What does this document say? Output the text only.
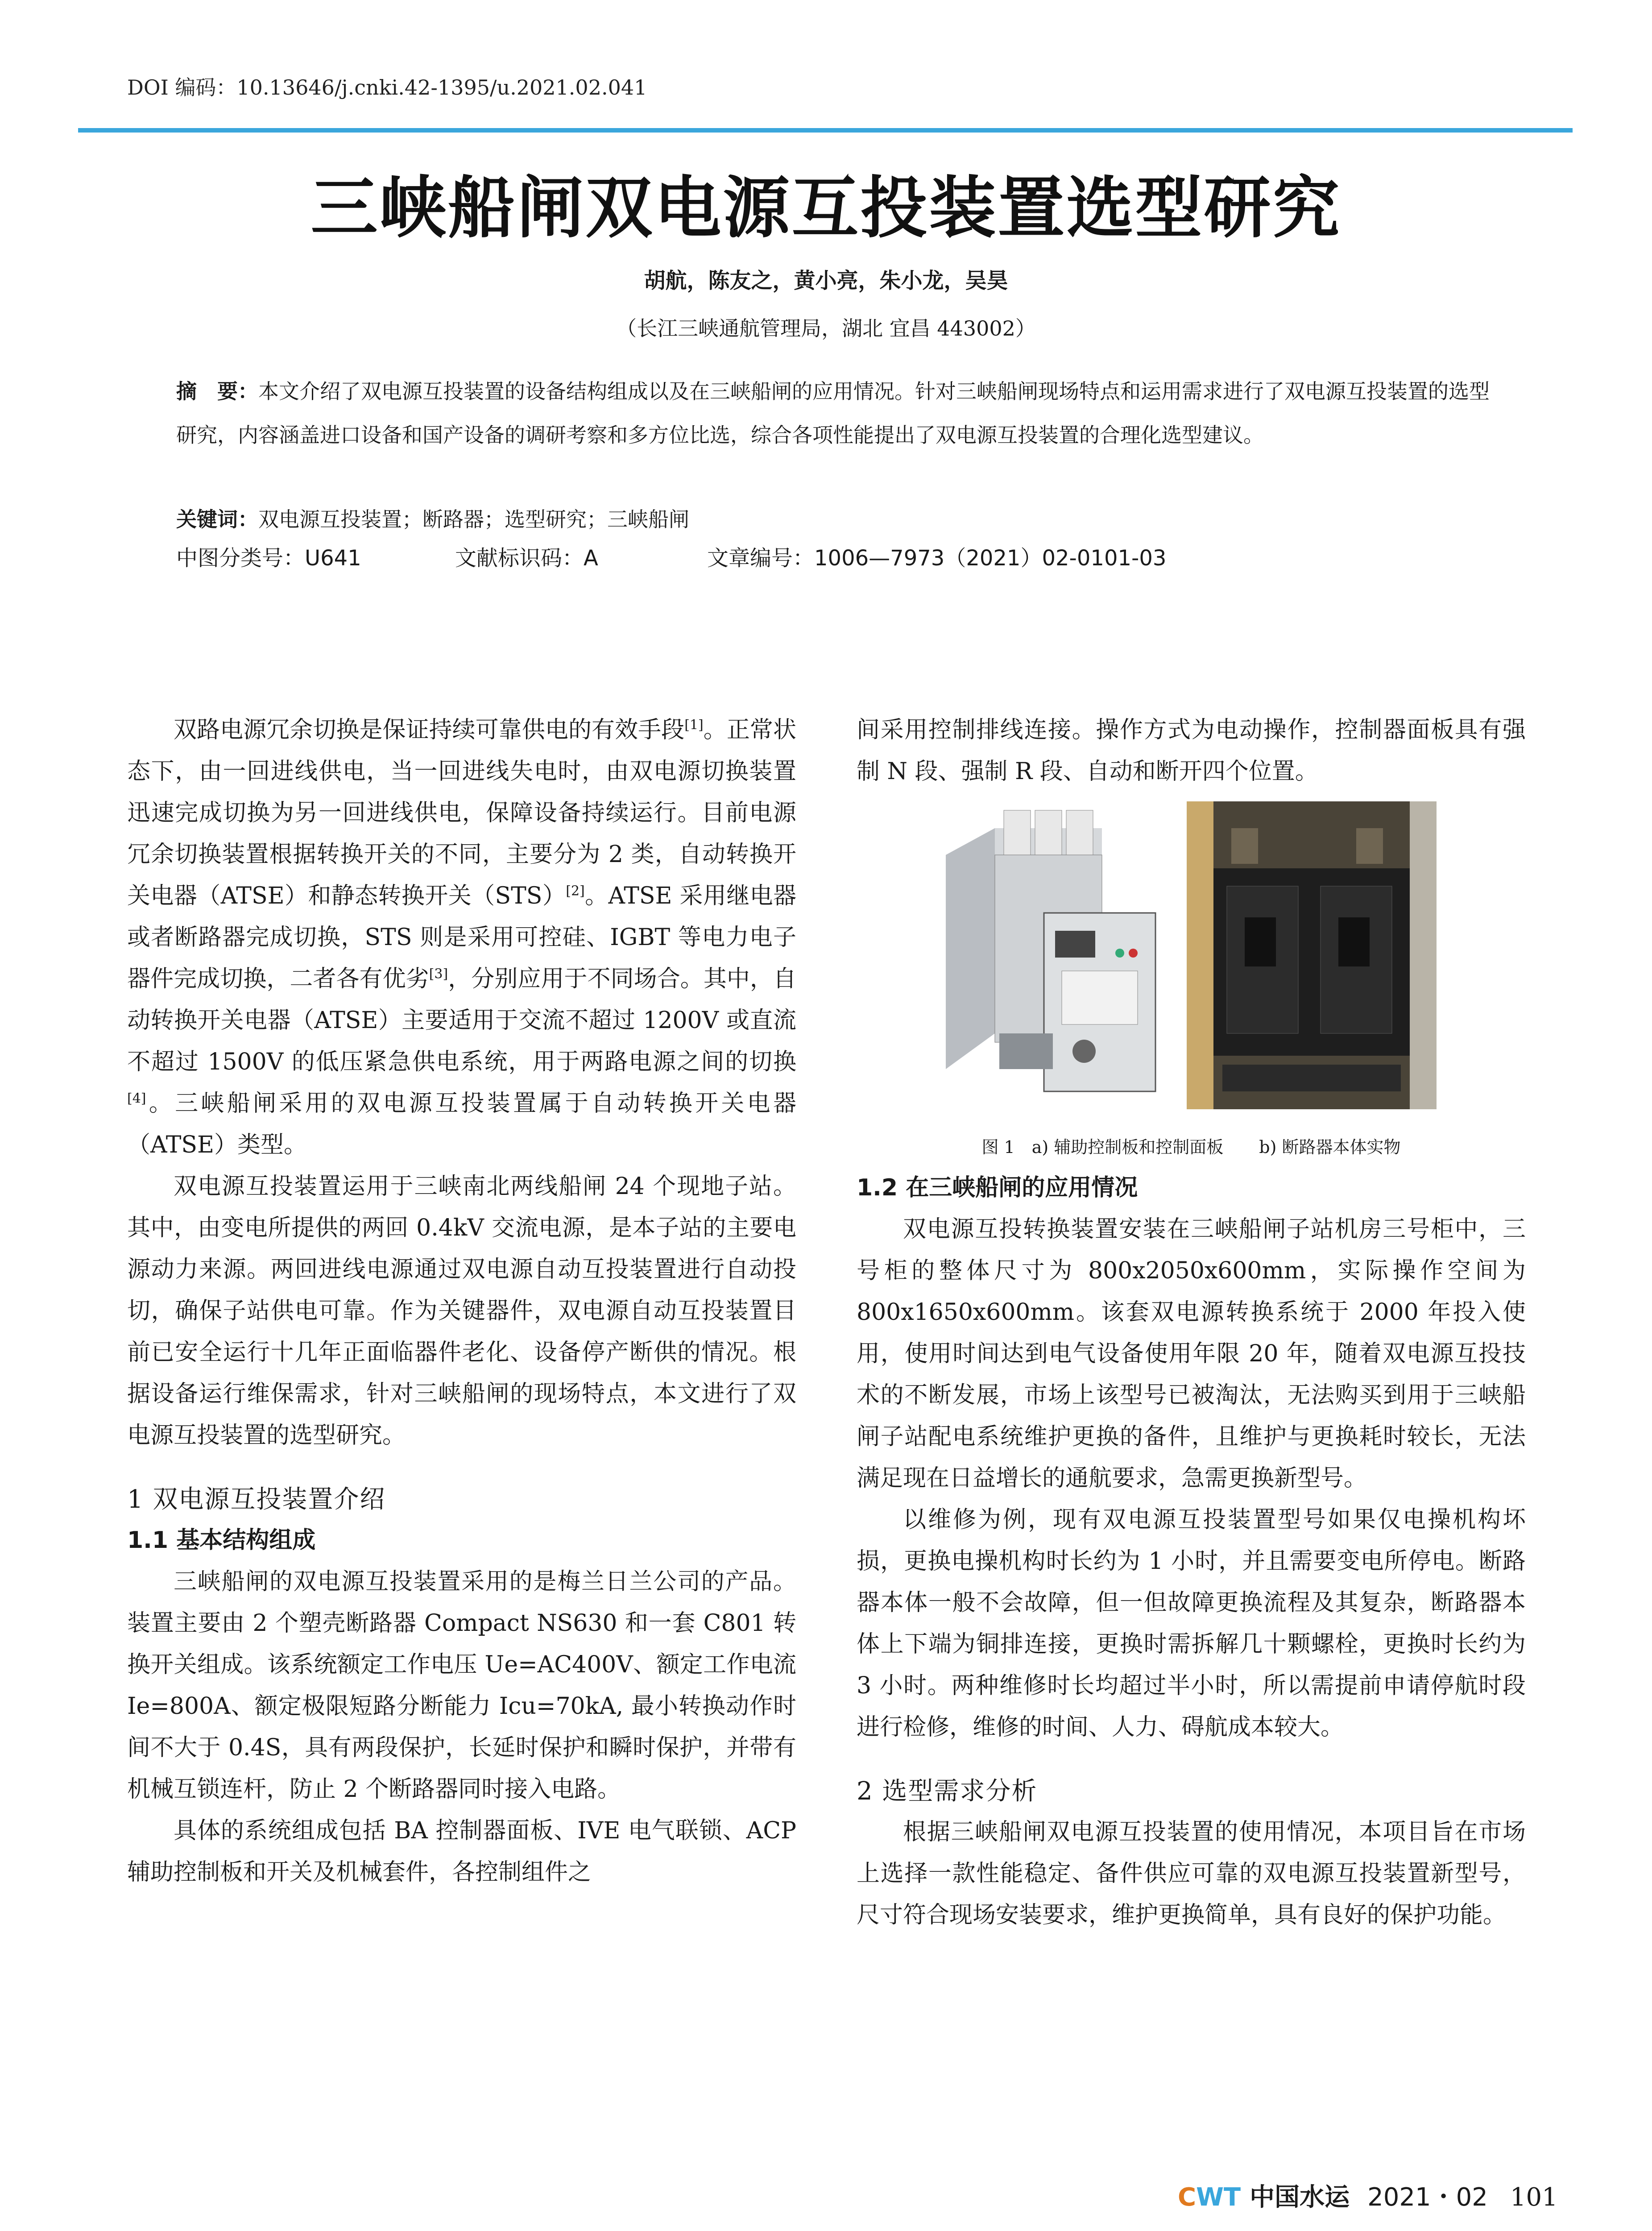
DOI 编码：10.13646/j.cnki.42-1395/u.2021.02.041
三峡船闸双电源互投装置选型研究
胡航，陈友之，黄小亮，朱小龙，吴昊
（长江三峡通航管理局，湖北 宜昌 443002）
摘　要：本文介绍了双电源互投装置的设备结构组成以及在三峡船闸的应用情况。针对三峡船闸现场特点和运用需求进行了双电源互投装置的选型研究，内容涵盖进口设备和国产设备的调研考察和多方位比选，综合各项性能提出了双电源互投装置的合理化选型建议。
关键词：双电源互投装置；断路器；选型研究；三峡船闸
中图分类号：U641	文献标识码：A	文章编号：1006—7973（2021）02-0101-03

双路电源冗余切换是保证持续可靠供电的有效手段[1]。正常状态下，由一回进线供电，当一回进线失电时，由双电源切换装置迅速完成切换为另一回进线供电，保障设备持续运行。目前电源冗余切换装置根据转换开关的不同，主要分为 2 类，自动转换开关电器（ATSE）和静态转换开关（STS）[2]。ATSE 采用继电器或者断路器完成切换，STS 则是采用可控硅、IGBT 等电力电子器件完成切换，二者各有优劣[3]，分别应用于不同场合。其中，自动转换开关电器（ATSE）主要适用于交流不超过 1200V 或直流不超过 1500V 的低压紧急供电系统，用于两路电源之间的切换[4]。三峡船闸采用的双电源互投装置属于自动转换开关电器（ATSE）类型。

双电源互投装置运用于三峡南北两线船闸 24 个现地子站。其中，由变电所提供的两回 0.4kV 交流电源，是本子站的主要电源动力来源。两回进线电源通过双电源自动互投装置进行自动投切，确保子站供电可靠。作为关键器件，双电源自动互投装置目前已安全运行十几年正面临器件老化、设备停产断供的情况。根据设备运行维保需求，针对三峡船闸的现场特点，本文进行了双电源互投装置的选型研究。

1 双电源互投装置介绍
1.1 基本结构组成

三峡船闸的双电源互投装置采用的是梅兰日兰公司的产品。装置主要由 2 个塑壳断路器 Compact NS630 和一套 C801 转换开关组成。该系统额定工作电压 Ue=AC400V、额定工作电流 Ie=800A、额定极限短路分断能力 Icu=70kA, 最小转换动作时间不大于 0.4S，具有两段保护，长延时保护和瞬时保护，并带有机械互锁连杆，防止 2 个断路器同时接入电路。

具体的系统组成包括 BA 控制器面板、IVE 电气联锁、ACP 辅助控制板和开关及机械套件，各控制组件之

间采用控制排线连接。操作方式为电动操作，控制器面板具有强制 N 段、强制 R 段、自动和断开四个位置。

图 1　a) 辅助控制板和控制面板 b) 断路器本体实物
1.2 在三峡船闸的应用情况

双电源互投转换装置安装在三峡船闸子站机房三号柜中，三号柜的整体尺寸为 800x2050x600mm，实际操作空间为 800x1650x600mm。该套双电源转换系统于 2000 年投入使用，使用时间达到电气设备使用年限 20 年，随着双电源互投技术的不断发展，市场上该型号已被淘汰，无法购买到用于三峡船闸子站配电系统维护更换的备件，且维护与更换耗时较长，无法满足现在日益增长的通航要求，急需更换新型号。

以维修为例，现有双电源互投装置型号如果仅电操机构坏损，更换电操机构时长约为 1 小时，并且需要变电所停电。断路器本体一般不会故障，但一但故障更换流程及其复杂，断路器本体上下端为铜排连接，更换时需拆解几十颗螺栓，更换时长约为 3 小时。两种维修时长均超过半小时，所以需提前申请停航时段进行检修，维修的时间、人力、碍航成本较大。

2 选型需求分析

根据三峡船闸双电源互投装置的使用情况，本项目旨在市场上选择一款性能稳定、备件供应可靠的双电源互投装置新型号，尺寸符合现场安装要求，维护更换简单，具有良好的保护功能。

CWT 中国水运 2021・02 101
